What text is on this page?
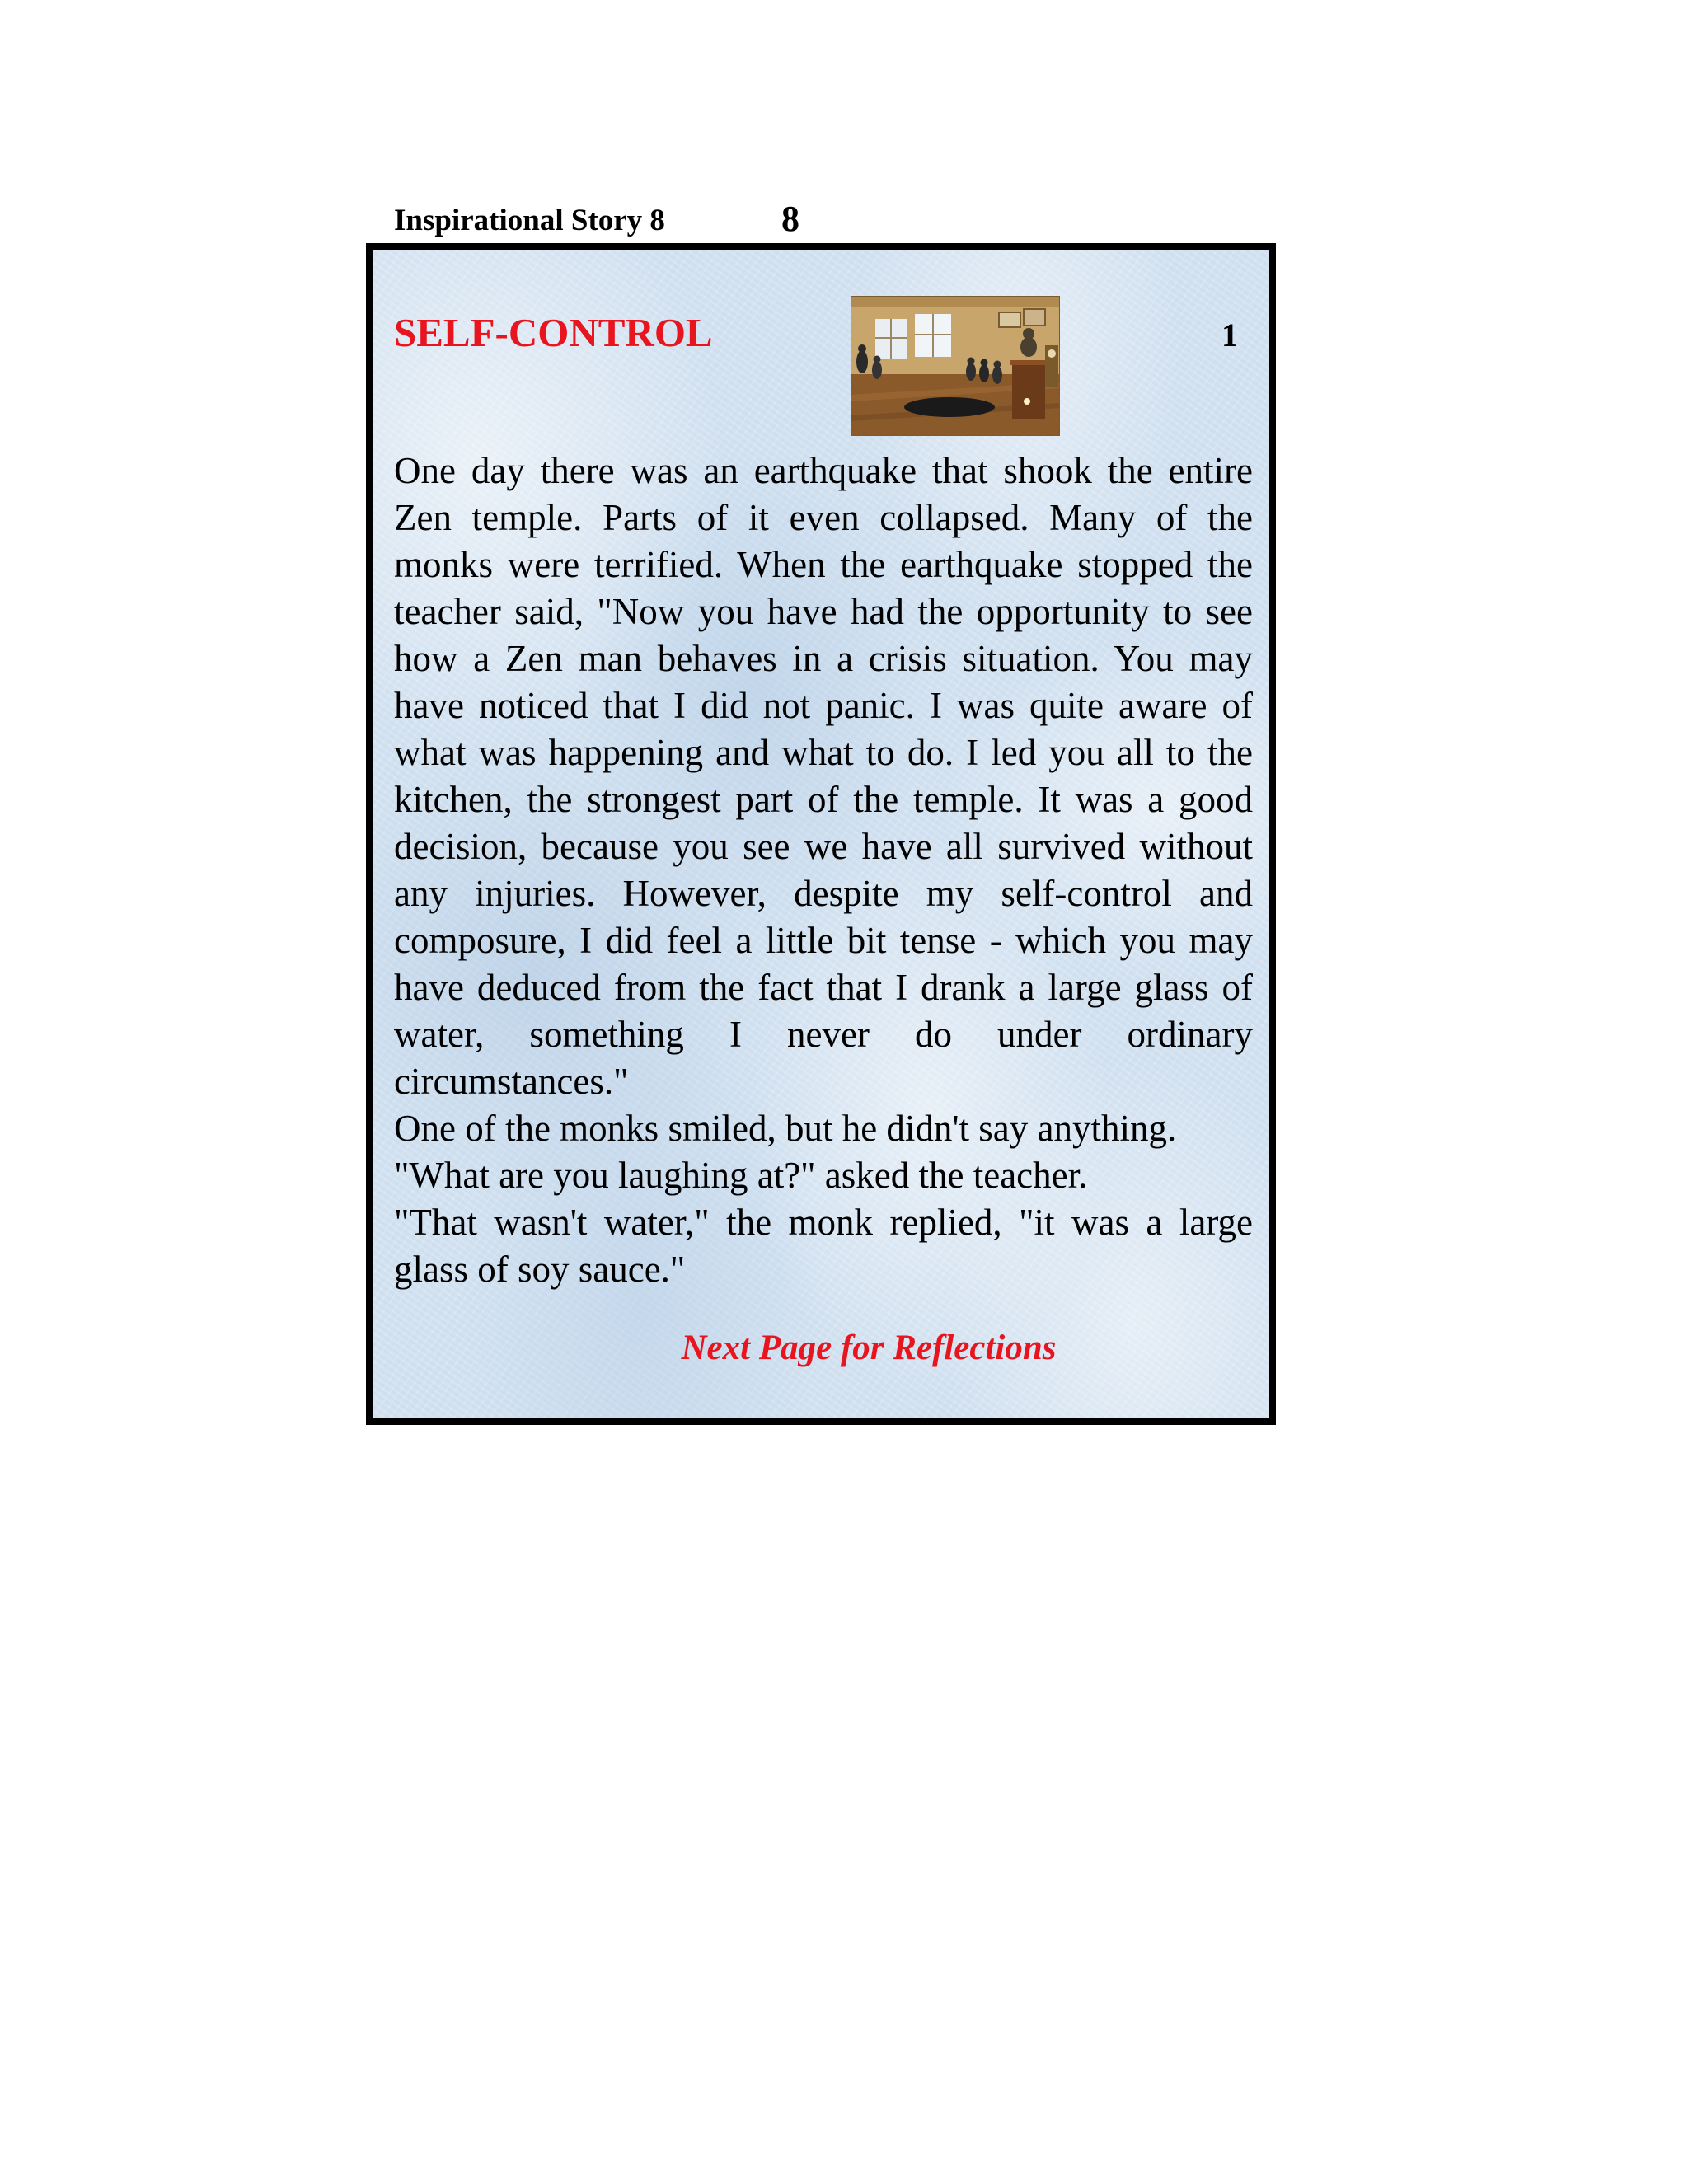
Inspirational Story 8	8
SELF-CONTROL	1

One day there was an earthquake that shook the entire Zen temple. Parts of it even collapsed. Many of the monks were terrified. When the earthquake stopped the teacher said, "Now you have had the opportunity to see how a Zen man behaves in a crisis situation. You may have noticed that I did not panic. I was quite aware of what was happening and what to do. I led you all to the kitchen, the strongest part of the temple. It was a good decision, because you see we have all survived without any injuries. However, despite my self-control and composure, I did feel a little bit tense - which you may have deduced from the fact that I drank a large glass of water, something I never do under ordinary circumstances."

One of the monks smiled, but he didn't say anything.

"What are you laughing at?" asked the teacher.

"That wasn't water," the monk replied, "it was a large glass of soy sauce."

Next Page for Reflections
